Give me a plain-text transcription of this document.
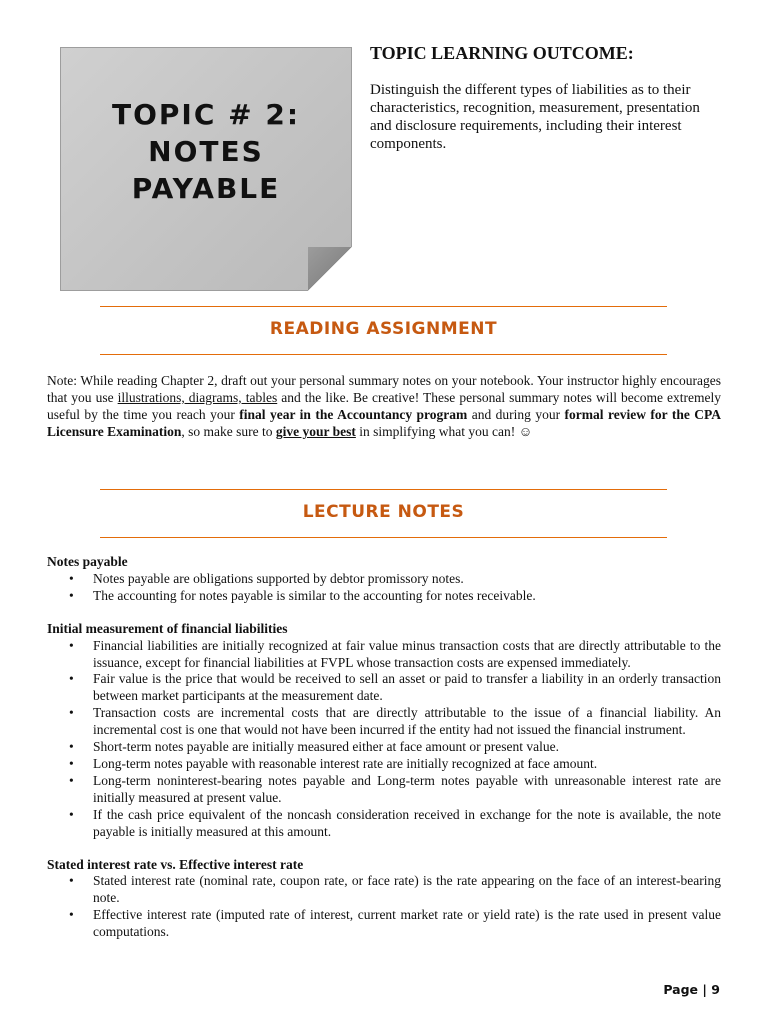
TOPIC # 2:
NOTES
PAYABLE

TOPIC LEARNING OUTCOME:

Distinguish the different types of liabilities as to their characteristics, recognition, measurement, presentation and disclosure requirements, including their interest components.

READING ASSIGNMENT

Note: While reading Chapter 2, draft out your personal summary notes on your notebook. Your instructor highly encourages that you use illustrations, diagrams, tables and the like. Be creative! These personal summary notes will become extremely useful by the time you reach your final year in the Accountancy program and during your formal review for the CPA Licensure Examination, so make sure to give your best in simplifying what you can! ☺

LECTURE NOTES

Notes payable

• Notes payable are obligations supported by debtor promissory notes.
• The accounting for notes payable is similar to the accounting for notes receivable.

Initial measurement of financial liabilities

• Financial liabilities are initially recognized at fair value minus transaction costs that are directly attributable to the issuance, except for financial liabilities at FVPL whose transaction costs are expensed immediately.
• Fair value is the price that would be received to sell an asset or paid to transfer a liability in an orderly transaction between market participants at the measurement date.
• Transaction costs are incremental costs that are directly attributable to the issue of a financial liability. An incremental cost is one that would not have been incurred if the entity had not issued the financial instrument.
• Short-term notes payable are initially measured either at face amount or present value.
• Long-term notes payable with reasonable interest rate are initially recognized at face amount.
• Long-term noninterest-bearing notes payable and Long-term notes payable with unreasonable interest rate are initially measured at present value.
• If the cash price equivalent of the noncash consideration received in exchange for the note is available, the note payable is initially measured at this amount.

Stated interest rate vs. Effective interest rate

• Stated interest rate (nominal rate, coupon rate, or face rate) is the rate appearing on the face of an interest-bearing note.
• Effective interest rate (imputed rate of interest, current market rate or yield rate) is the rate used in present value computations.
Page | 9
